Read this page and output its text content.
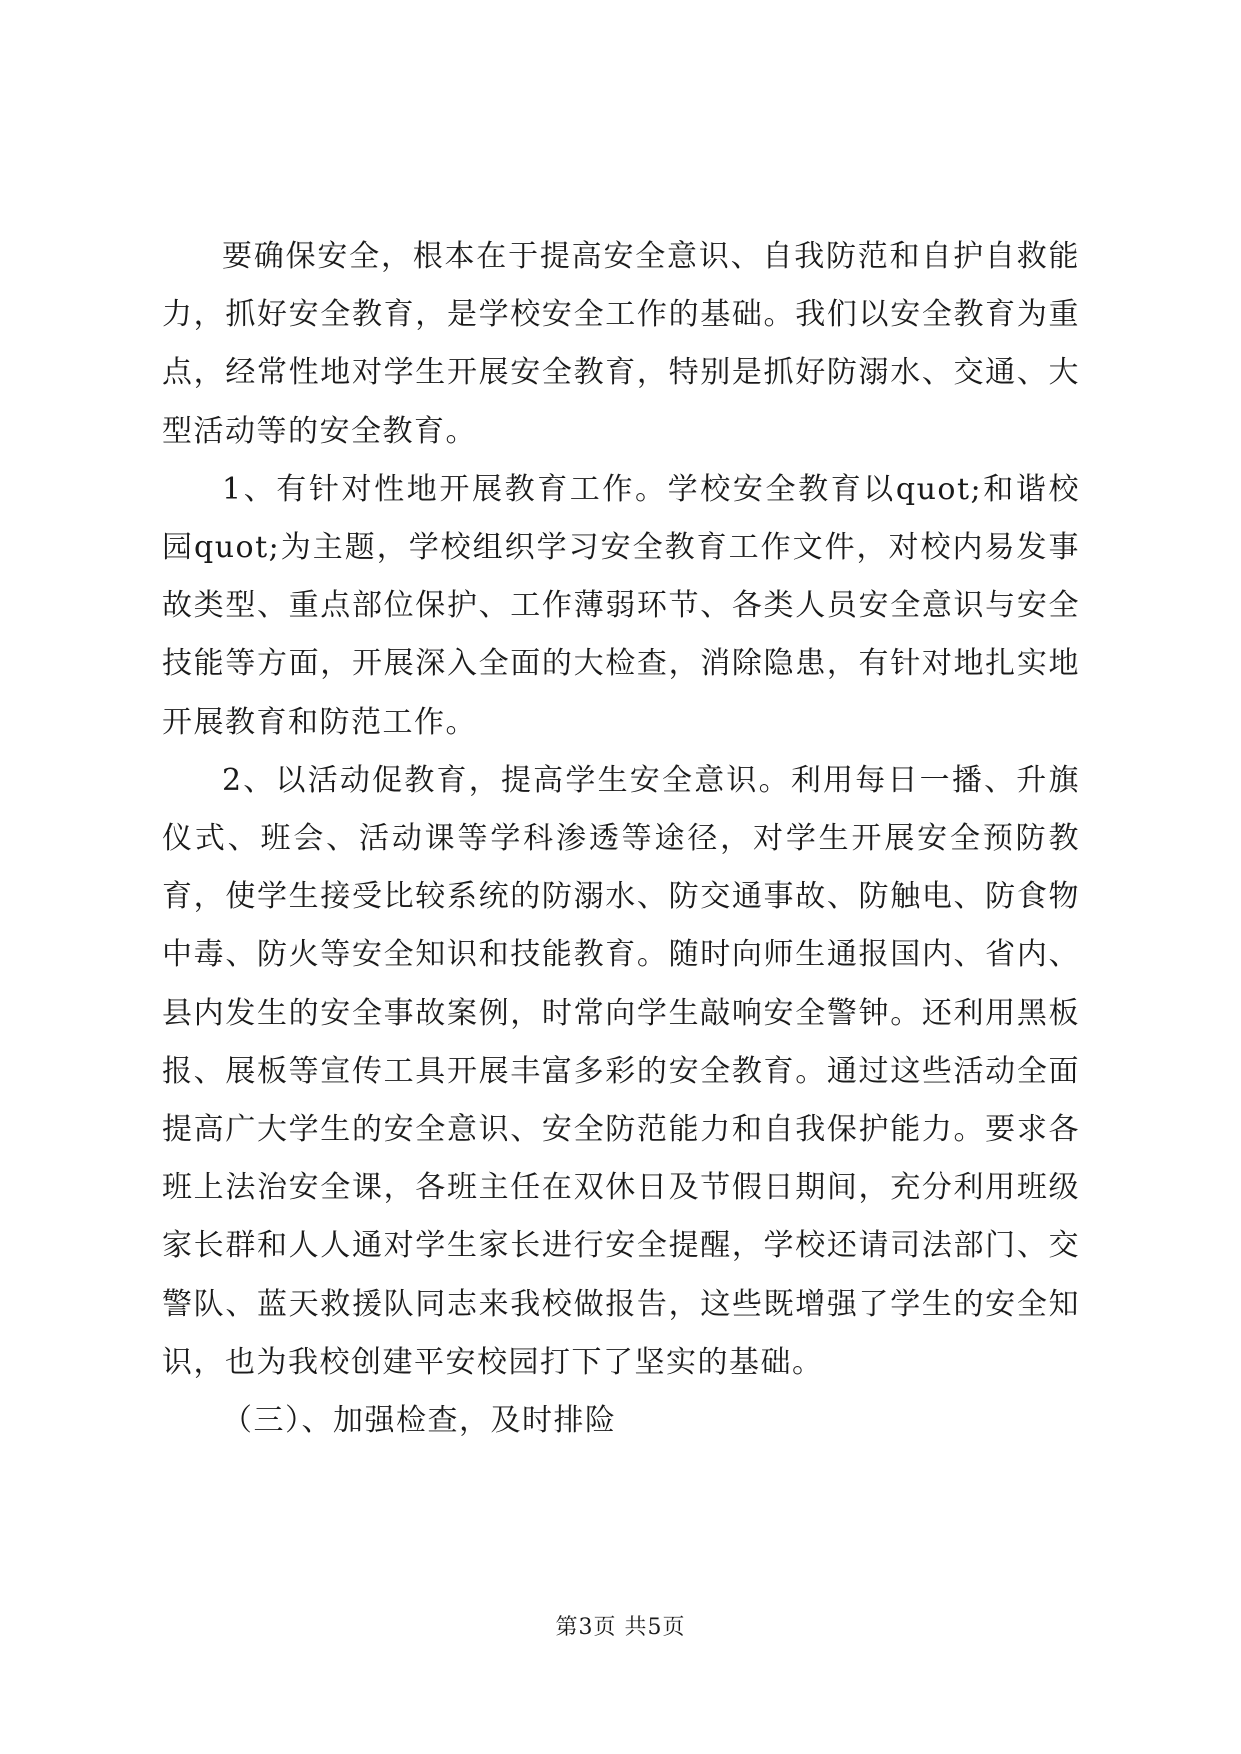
要确保安全，根本在于提高安全意识、自我防范和自护自救能力，抓好安全教育，是学校安全工作的基础。我们以安全教育为重点，经常性地对学生开展安全教育，特别是抓好防溺水、交通、大型活动等的安全教育。

1、有针对性地开展教育工作。学校安全教育以quot;和谐校园quot;为主题，学校组织学习安全教育工作文件，对校内易发事故类型、重点部位保护、工作薄弱环节、各类人员安全意识与安全技能等方面，开展深入全面的大检查，消除隐患，有针对地扎实地开展教育和防范工作。

2、以活动促教育，提高学生安全意识。利用每日一播、升旗仪式、班会、活动课等学科渗透等途径，对学生开展安全预防教育，使学生接受比较系统的防溺水、防交通事故、防触电、防食物中毒、防火等安全知识和技能教育。随时向师生通报国内、省内、县内发生的安全事故案例，时常向学生敲响安全警钟。还利用黑板报、展板等宣传工具开展丰富多彩的安全教育。通过这些活动全面提高广大学生的安全意识、安全防范能力和自我保护能力。要求各班上法治安全课，各班主任在双休日及节假日期间，充分利用班级家长群和人人通对学生家长进行安全提醒，学校还请司法部门、交警队、蓝天救援队同志来我校做报告，这些既增强了学生的安全知识，也为我校创建平安校园打下了坚实的基础。

（三）、加强检查，及时排险

第3页 共5页
